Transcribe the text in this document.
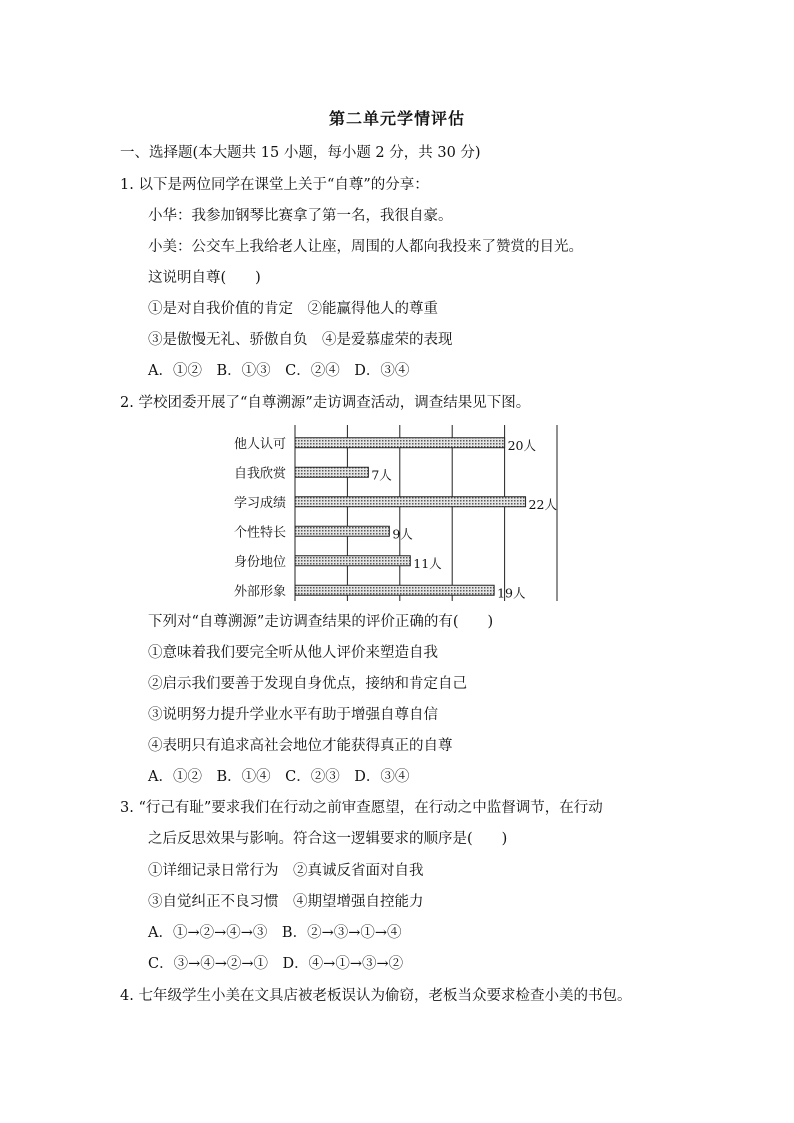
第二单元学情评估
一、选择题(本大题共 15 小题，每小题 2 分，共 30 分)
1. 以下是两位同学在课堂上关于“自尊”的分享：
小华：我参加钢琴比赛拿了第一名，我很自豪。
小美：公交车上我给老人让座，周围的人都向我投来了赞赏的目光。
这说明自尊(　　)
①是对自我价值的肯定　②能赢得他人的尊重
③是傲慢无礼、骄傲自负　④是爱慕虚荣的表现
A．①②　B．①③　C．②④　D．③④
2. 学校团委开展了“自尊溯源”走访调查活动，调查结果见下图。
他人认可	20人
自我欣赏	7人
学习成绩	22人
个性特长	9人
身份地位	11人
外部形象	19人
下列对“自尊溯源”走访调查结果的评价正确的有(　　)
①意味着我们要完全听从他人评价来塑造自我
②启示我们要善于发现自身优点，接纳和肯定自己
③说明努力提升学业水平有助于增强自尊自信
④表明只有追求高社会地位才能获得真正的自尊
A．①②　B．①④　C．②③　D．③④
3. “行己有耻”要求我们在行动之前审查愿望，在行动之中监督调节，在行动
之后反思效果与影响。符合这一逻辑要求的顺序是(　　)
①详细记录日常行为　②真诚反省面对自我
③自觉纠正不良习惯　④期望增强自控能力
A．①→②→④→③　B．②→③→①→④
C．③→④→②→①　D．④→①→③→②
4. 七年级学生小美在文具店被老板误认为偷窃，老板当众要求检查小美的书包。
